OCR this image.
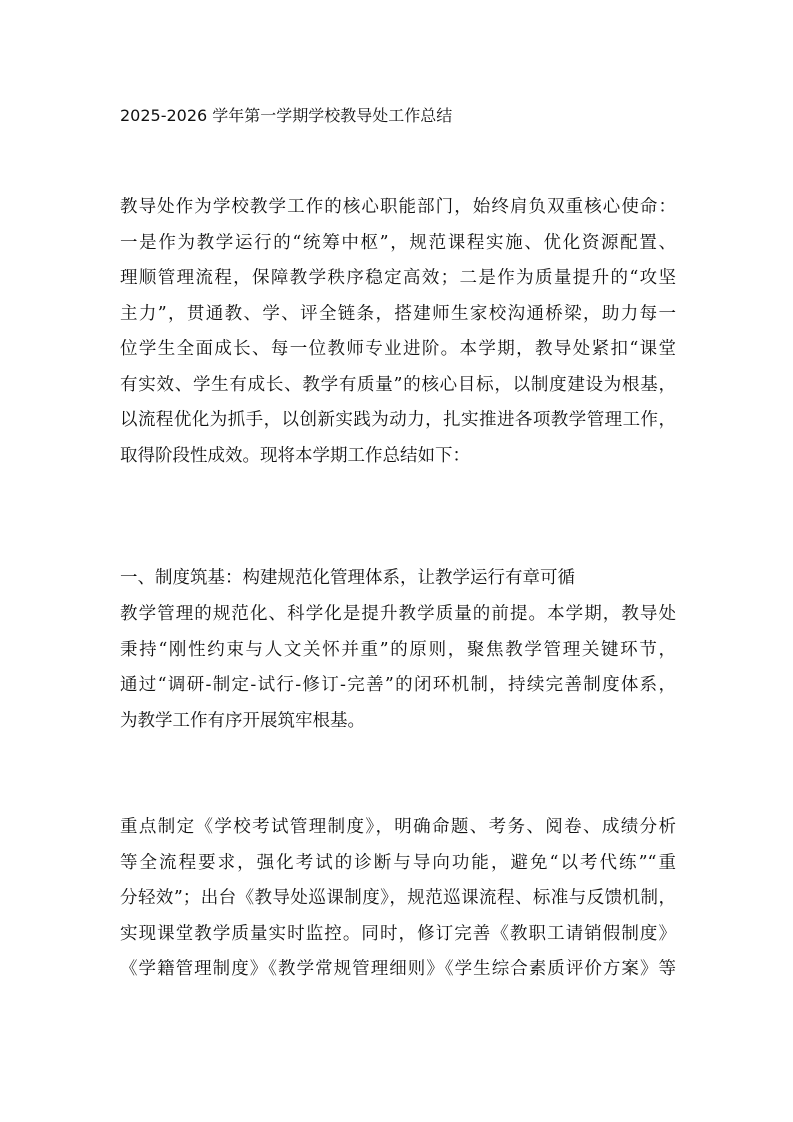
2025-2026 学年第一学期学校教导处工作总结
教导处作为学校教学工作的核心职能部门，始终肩负双重核心使命：
一是作为教学运行的“统筹中枢”，规范课程实施、优化资源配置、
理顺管理流程，保障教学秩序稳定高效；二是作为质量提升的“攻坚
主力”，贯通教、学、评全链条，搭建师生家校沟通桥梁，助力每一
位学生全面成长、每一位教师专业进阶。本学期，教导处紧扣“课堂
有实效、学生有成长、教学有质量”的核心目标，以制度建设为根基，
以流程优化为抓手，以创新实践为动力，扎实推进各项教学管理工作，
取得阶段性成效。现将本学期工作总结如下：
一、制度筑基：构建规范化管理体系，让教学运行有章可循
教学管理的规范化、科学化是提升教学质量的前提。本学期，教导处
秉持“刚性约束与人文关怀并重”的原则，聚焦教学管理关键环节，
通过“调研-制定-试行-修订-完善”的闭环机制，持续完善制度体系，
为教学工作有序开展筑牢根基。
重点制定《学校考试管理制度》，明确命题、考务、阅卷、成绩分析
等全流程要求，强化考试的诊断与导向功能，避免“以考代练”“重
分轻效”；出台《教导处巡课制度》，规范巡课流程、标准与反馈机制，
实现课堂教学质量实时监控。同时，修订完善《教职工请销假制度》
《学籍管理制度》《教学常规管理细则》《学生综合素质评价方案》等
